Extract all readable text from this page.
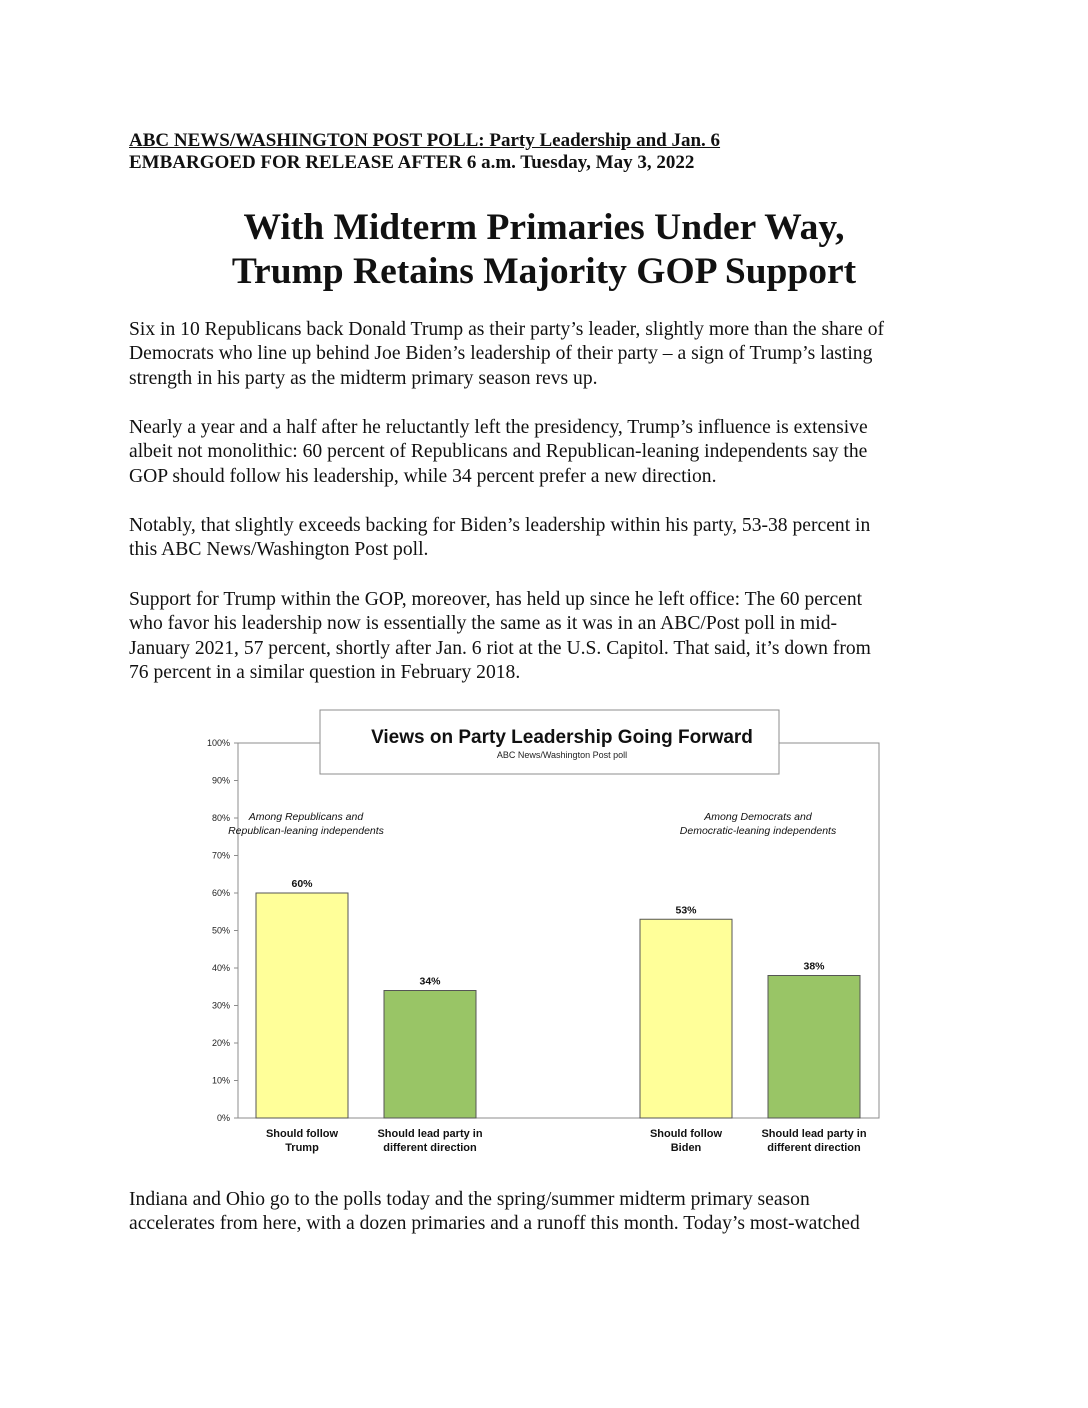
ABC NEWS/WASHINGTON POST POLL: Party Leadership and Jan. 6
EMBARGOED FOR RELEASE AFTER 6 a.m. Tuesday, May 3, 2022
With Midterm Primaries Under Way,
Trump Retains Majority GOP Support

Six in 10 Republicans back Donald Trump as their party’s leader, slightly more than the share of
Democrats who line up behind Joe Biden’s leadership of their party – a sign of Trump’s lasting
strength in his party as the midterm primary season revs up.

Nearly a year and a half after he reluctantly left the presidency, Trump’s influence is extensive
albeit not monolithic: 60 percent of Republicans and Republican-leaning independents say the
GOP should follow his leadership, while 34 percent prefer a new direction.

Notably, that slightly exceeds backing for Biden’s leadership within his party, 53-38 percent in
this ABC News/Washington Post poll.

Support for Trump within the GOP, moreover, has held up since he left office: The 60 percent
who favor his leadership now is essentially the same as it was in an ABC/Post poll in mid-
January 2021, 57 percent, shortly after Jan. 6 riot at the U.S. Capitol. That said, it’s down from
76 percent in a similar question in February 2018.

0%
10%
20%
30%
40%
50%
60%
70%
80%
90%
100%	Views on Party Leadership Going Forward
ABC News/Washington Post poll
Among Republicans and
Republican-leaning independents
60%
Should follow
Trump
34%
Should lead party in
different direction
Among Democrats and
Democratic-leaning independents
53%
Should follow
Biden
38%
Should lead party in
different direction

Indiana and Ohio go to the polls today and the spring/summer midterm primary season
accelerates from here, with a dozen primaries and a runoff this month. Today’s most-watched
